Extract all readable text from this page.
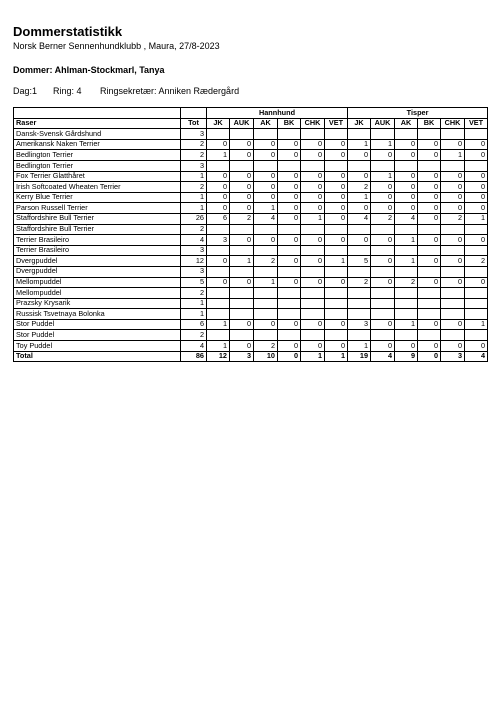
Dommerstatistikk
Norsk Berner Sennenhundklubb , Maura, 27/8-2023
Dommer: Ahlman-Stockmarl, Tanya
Dag:1 Ring: 4 Ringsekretær: Anniken Rædergård
		Hannhund						Tisper					
Raser	Tot	JK	AUK	AK	BK	CHK	VET	JK	AUK	AK	BK	CHK	VET
Dansk-Svensk Gårdshund	3												
Amerikansk Naken Terrier	2	0	0	0	0	0	0	1	1	0	0	0	0
Bedlington Terrier	2	1	0	0	0	0	0	0	0	0	0	1	0
Bedlington Terrier	3												
Fox Terrier Glatthåret	1	0	0	0	0	0	0	0	1	0	0	0	0
Irish Softcoated Wheaten Terrier	2	0	0	0	0	0	0	2	0	0	0	0	0
Kerry Blue Terrier	1	0	0	0	0	0	0	1	0	0	0	0	0
Parson Russell Terrier	1	0	0	1	0	0	0	0	0	0	0	0	0
Staffordshire Bull Terrier	26	6	2	4	0	1	0	4	2	4	0	2	1
Staffordshire Bull Terrier	2												
Terrier Brasileiro	4	3	0	0	0	0	0	0	0	1	0	0	0
Terrier Brasileiro	3												
Dvergpuddel	12	0	1	2	0	0	1	5	0	1	0	0	2
Dvergpuddel	3												
Mellompuddel	5	0	0	1	0	0	0	2	0	2	0	0	0
Mellompuddel	2												
Prazsky Krysarik	1												
Russisk Tsvetnaya Bolonka	1												
Stor Puddel	6	1	0	0	0	0	0	3	0	1	0	0	1
Stor Puddel	2												
Toy Puddel	4	1	0	2	0	0	0	1	0	0	0	0	0
Total	86	12	3	10	0	1	1	19	4	9	0	3	4
